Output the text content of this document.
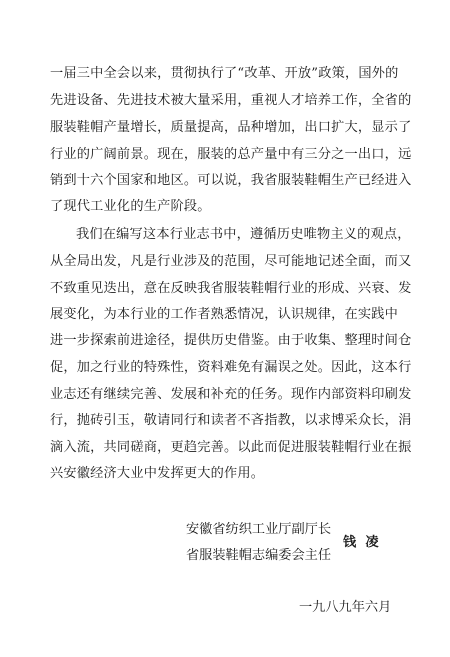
一届三中全会以来，贯彻执行了“改革、开放”政策，国外的
先进设备、先进技术被大量采用，重视人才培养工作，全省的
服装鞋帽产量增长，质量提高，品种增加，出口扩大，显示了
行业的广阔前景。现在，服装的总产量中有三分之一出口，远
销到十六个国家和地区。可以说，我省服装鞋帽生产已经进入
了现代工业化的生产阶段。
我们在编写这本行业志书中，遵循历史唯物主义的观点，
从全局出发，凡是行业涉及的范围，尽可能地记述全面，而又
不致重见迭出，意在反映我省服装鞋帽行业的形成、兴衰、发
展变化，为本行业的工作者熟悉情况，认识规律，在实践中
进一步探索前进途径，提供历史借鉴。由于收集、整理时间仓
促，加之行业的特殊性，资料难免有漏误之处。因此，这本行
业志还有继续完善、发展和补充的任务。现作内部资料印刷发
行，抛砖引玉，敬请同行和读者不吝指教，以求博采众长，涓
滴入流，共同磋商，更趋完善。以此而促进服装鞋帽行业在振
兴安徽经济大业中发挥更大的作用。
安徽省纺织工业厅副厅长
省服装鞋帽志编委会主任
钱  凌
一九八九年六月
